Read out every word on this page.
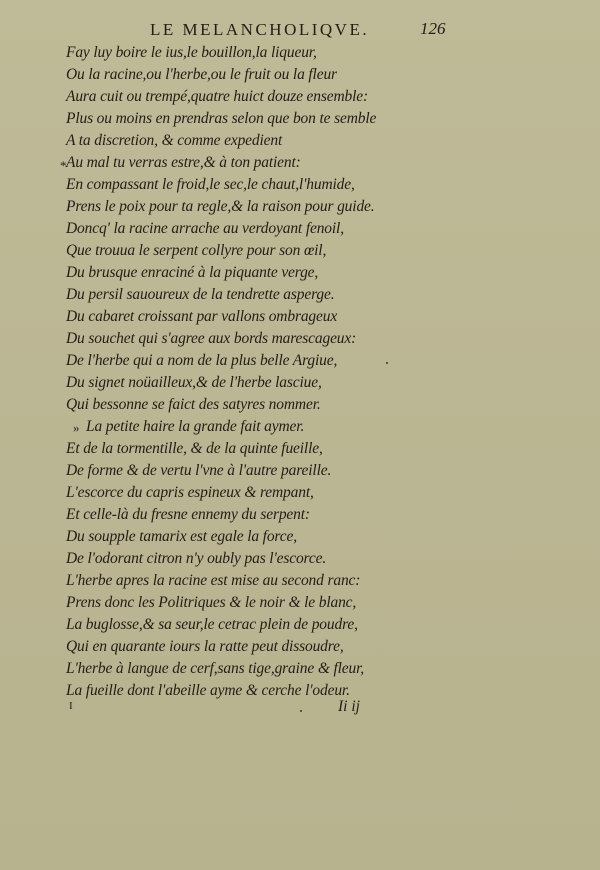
LE MELANCHOLIQVE.	126
Fay luy boire le ius,le bouillon,la liqueur,
Ou la racine,ou l'herbe,ou le fruit ou la fleur
Aura cuit ou trempé,quatre huict douze ensemble:
Plus ou moins en prendras selon que bon te semble
A ta discretion, & comme expedient
Au mal tu verras estre,& à ton patient:
En compassant le froid,le sec,le chaut,l'humide,
Prens le poix pour ta regle,& la raison pour guide.
Doncq' la racine arrache au verdoyant fenoil,
Que trouua le serpent collyre pour son œil,
Du brusque enraciné à la piquante verge,
Du persil sauoureux de la tendrette asperge.
Du cabaret croissant par vallons ombrageux
Du souchet qui s'agree aux bords marescageux:
De l'herbe qui a nom de la plus belle Argiue,
Du signet noüailleux,& de l'herbe lasciue,
Qui bessonne se faict des satyres nommer.
La petite haire la grande fait aymer.
Et de la tormentille, & de la quinte fueille,
De forme & de vertu l'vne à l'autre pareille.
L'escorce du capris espineux & rempant,
Et celle-là du fresne ennemy du serpent:
Du soupple tamarix est egale la force,
De l'odorant citron n'y oubly pas l'escorce.
L'herbe apres la racine est mise au second ranc:
Prens donc les Politriques & le noir & le blanc,
La buglosse,& sa seur,le cetrac plein de poudre,
Qui en quarante iours la ratte peut dissoudre,
L'herbe à langue de cerf,sans tige,graine & fleur,
La fueille dont l'abeille ayme & cerche l'odeur.
*
»
I	Ii ij
